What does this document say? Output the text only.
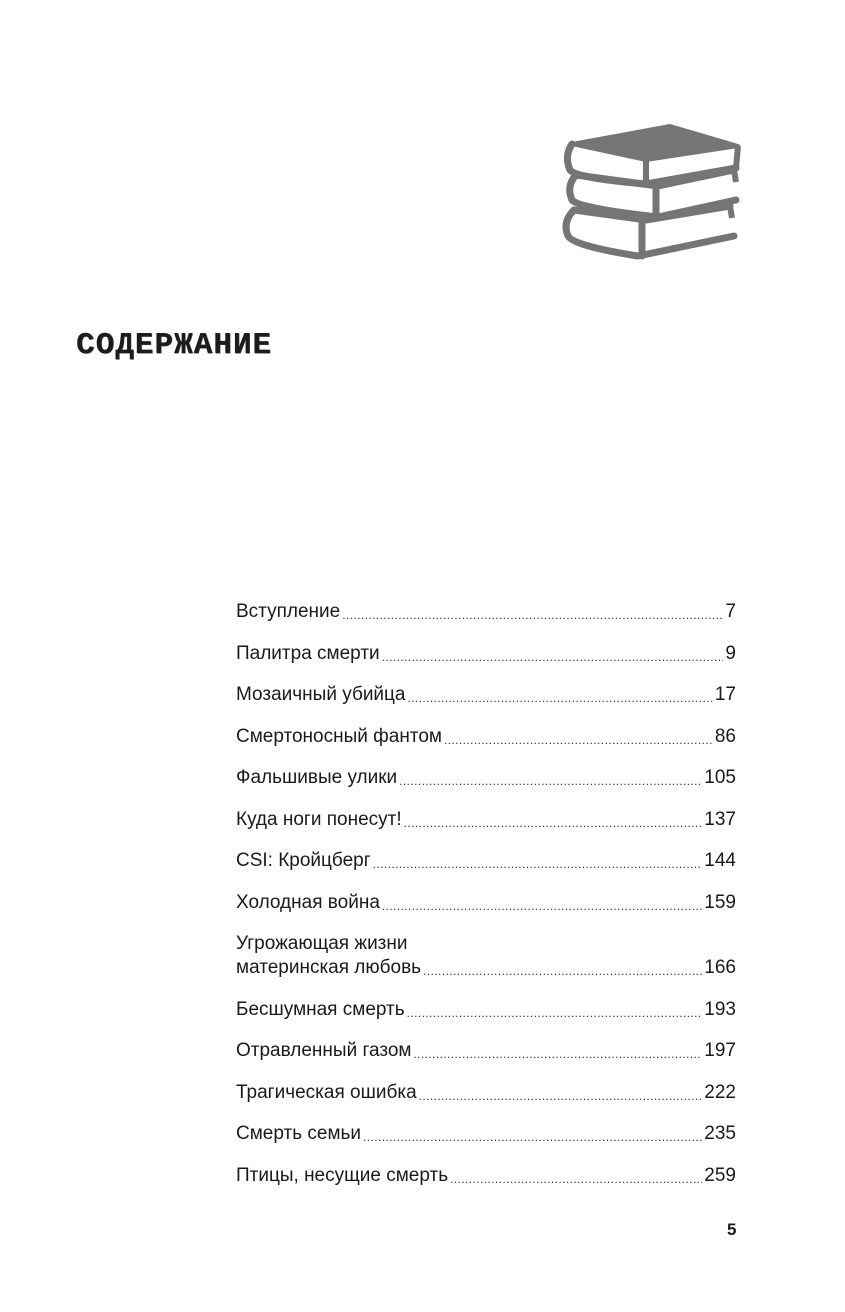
СОДЕРЖАНИЕ
Вступление .....	7
Палитра смерти .....	9
Мозаичный убийца .....	17
Смертоносный фантом .....	86
Фальшивые улики .....	105
Куда ноги понесут! .....	137
CSI: Кройцберг .....	144
Холодная война .....	159
Угрожающая жизни
материнская любовь .....	166
Бесшумная смерть .....	193
Отравленный газом .....	197
Трагическая ошибка .....	222
Смерть семьи .....	235
Птицы, несущие смерть .....	259
5
